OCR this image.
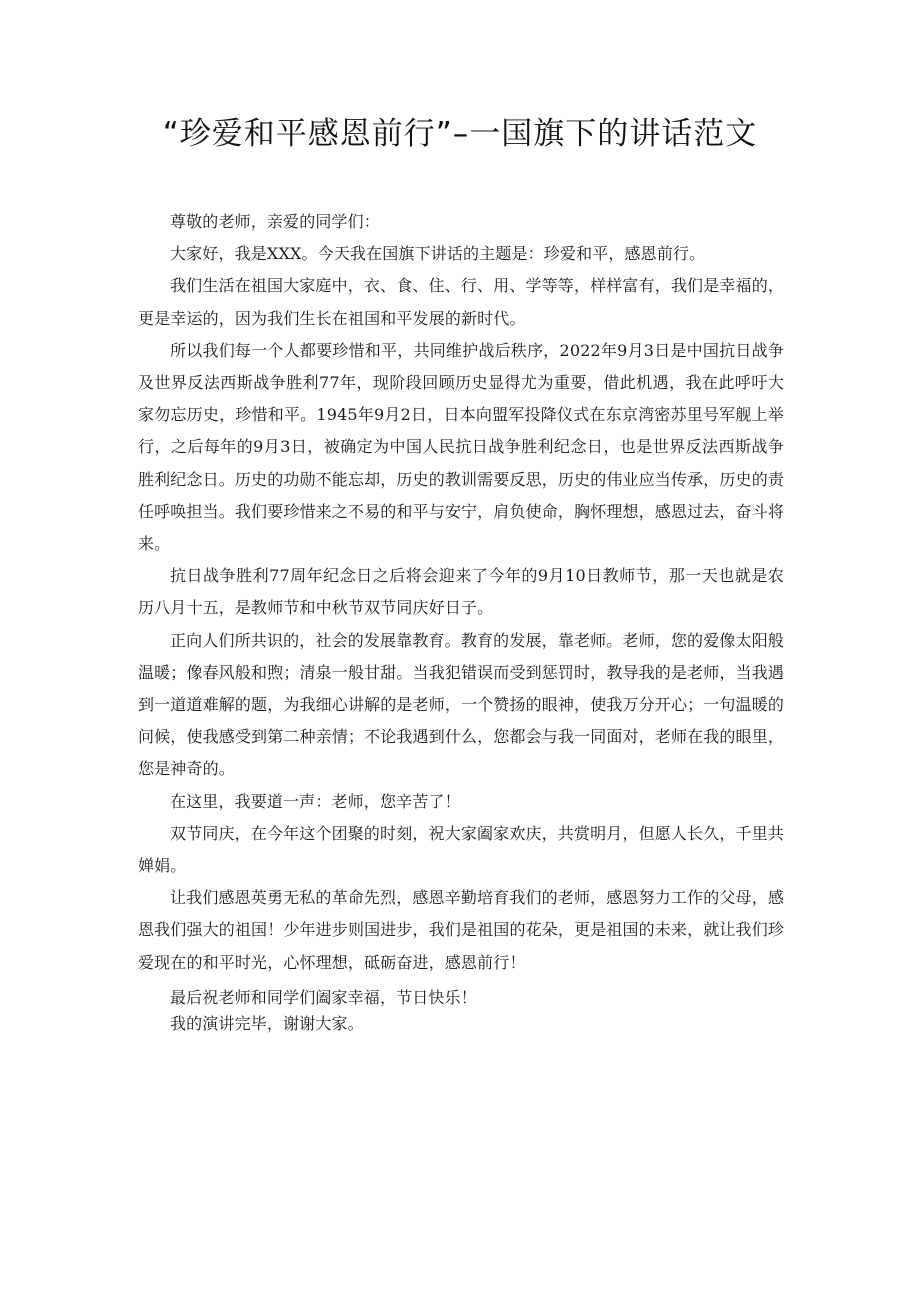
“珍爱和平感恩前行”–一国旗下的讲话范文

尊敬的老师，亲爱的同学们：

大家好，我是XXX。今天我在国旗下讲话的主题是：珍爱和平，感恩前行。

我们生活在祖国大家庭中，衣、食、住、行、用、学等等，样样富有，我们是幸福的，更是幸运的，因为我们生长在祖国和平发展的新时代。

所以我们每一个人都要珍惜和平，共同维护战后秩序，2022年9月3日是中国抗日战争及世界反法西斯战争胜利77年，现阶段回顾历史显得尤为重要，借此机遇，我在此呼吁大家勿忘历史，珍惜和平。1945年9月2日，日本向盟军投降仪式在东京湾密苏里号军舰上举行，之后每年的9月3日，被确定为中国人民抗日战争胜利纪念日，也是世界反法西斯战争胜利纪念日。历史的功勋不能忘却，历史的教训需要反思，历史的伟业应当传承，历史的责任呼唤担当。我们要珍惜来之不易的和平与安宁，肩负使命，胸怀理想，感恩过去，奋斗将来。

抗日战争胜利77周年纪念日之后将会迎来了今年的9月10日教师节，那一天也就是农历八月十五，是教师节和中秋节双节同庆好日子。

正向人们所共识的，社会的发展靠教育。教育的发展，靠老师。老师，您的爱像太阳般温暖；像春风般和煦；清泉一般甘甜。当我犯错误而受到惩罚时，教导我的是老师，当我遇到一道道难解的题，为我细心讲解的是老师，一个赞扬的眼神，使我万分开心；一句温暖的问候，使我感受到第二种亲情；不论我遇到什么，您都会与我一同面对，老师在我的眼里，您是神奇的。

在这里，我要道一声：老师，您辛苦了！

双节同庆，在今年这个团聚的时刻，祝大家阖家欢庆，共赏明月，但愿人长久，千里共婵娟。

让我们感恩英勇无私的革命先烈，感恩辛勤培育我们的老师，感恩努力工作的父母，感恩我们强大的祖国！少年进步则国进步，我们是祖国的花朵，更是祖国的未来，就让我们珍爱现在的和平时光，心怀理想，砥砺奋进，感恩前行！

最后祝老师和同学们阖家幸福，节日快乐！

我的演讲完毕，谢谢大家。
